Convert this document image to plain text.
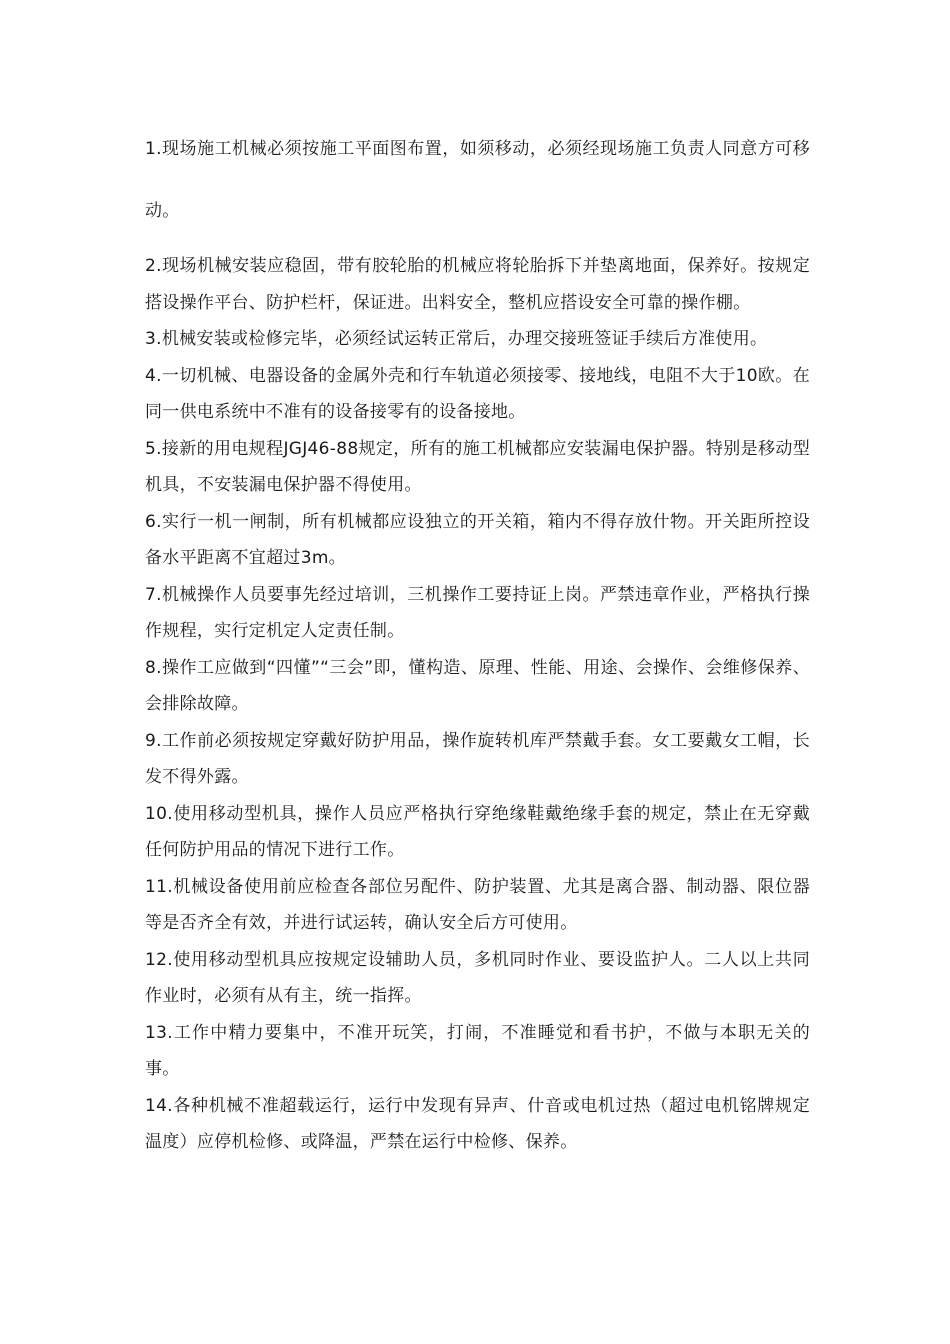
1.现场施工机械必须按施工平面图布置，如须移动，必须经现场施工负责人同意方可移动。

2.现场机械安装应稳固，带有胶轮胎的机械应将轮胎拆下并垫离地面，保养好。按规定搭设操作平台、防护栏杆，保证进。出料安全，整机应搭设安全可靠的操作棚。

3.机械安装或检修完毕，必须经试运转正常后，办理交接班签证手续后方准使用。

4.一切机械、电器设备的金属外壳和行车轨道必须接零、接地线，电阻不大于10欧。在同一供电系统中不准有的设备接零有的设备接地。

5.接新的用电规程JGJ46-88规定，所有的施工机械都应安装漏电保护器。特别是移动型机具，不安装漏电保护器不得使用。

6.实行一机一闸制，所有机械都应设独立的开关箱，箱内不得存放什物。开关距所控设备水平距离不宜超过3m。

7.机械操作人员要事先经过培训，三机操作工要持证上岗。严禁违章作业，严格执行操作规程，实行定机定人定责任制。

8.操作工应做到“四懂”“三会”即，懂构造、原理、性能、用途、会操作、会维修保养、会排除故障。

9.工作前必须按规定穿戴好防护用品，操作旋转机库严禁戴手套。女工要戴女工帽，长发不得外露。

10.使用移动型机具，操作人员应严格执行穿绝缘鞋戴绝缘手套的规定，禁止在无穿戴任何防护用品的情况下进行工作。

11.机械设备使用前应检查各部位另配件、防护装置、尤其是离合器、制动器、限位器等是否齐全有效，并进行试运转，确认安全后方可使用。

12.使用移动型机具应按规定设辅助人员，多机同时作业、要设监护人。二人以上共同作业时，必须有从有主，统一指挥。

13.工作中精力要集中，不准开玩笑，打闹，不准睡觉和看书护，不做与本职无关的事。

14.各种机械不准超载运行，运行中发现有异声、什音或电机过热（超过电机铭牌规定温度）应停机检修、或降温，严禁在运行中检修、保养。
